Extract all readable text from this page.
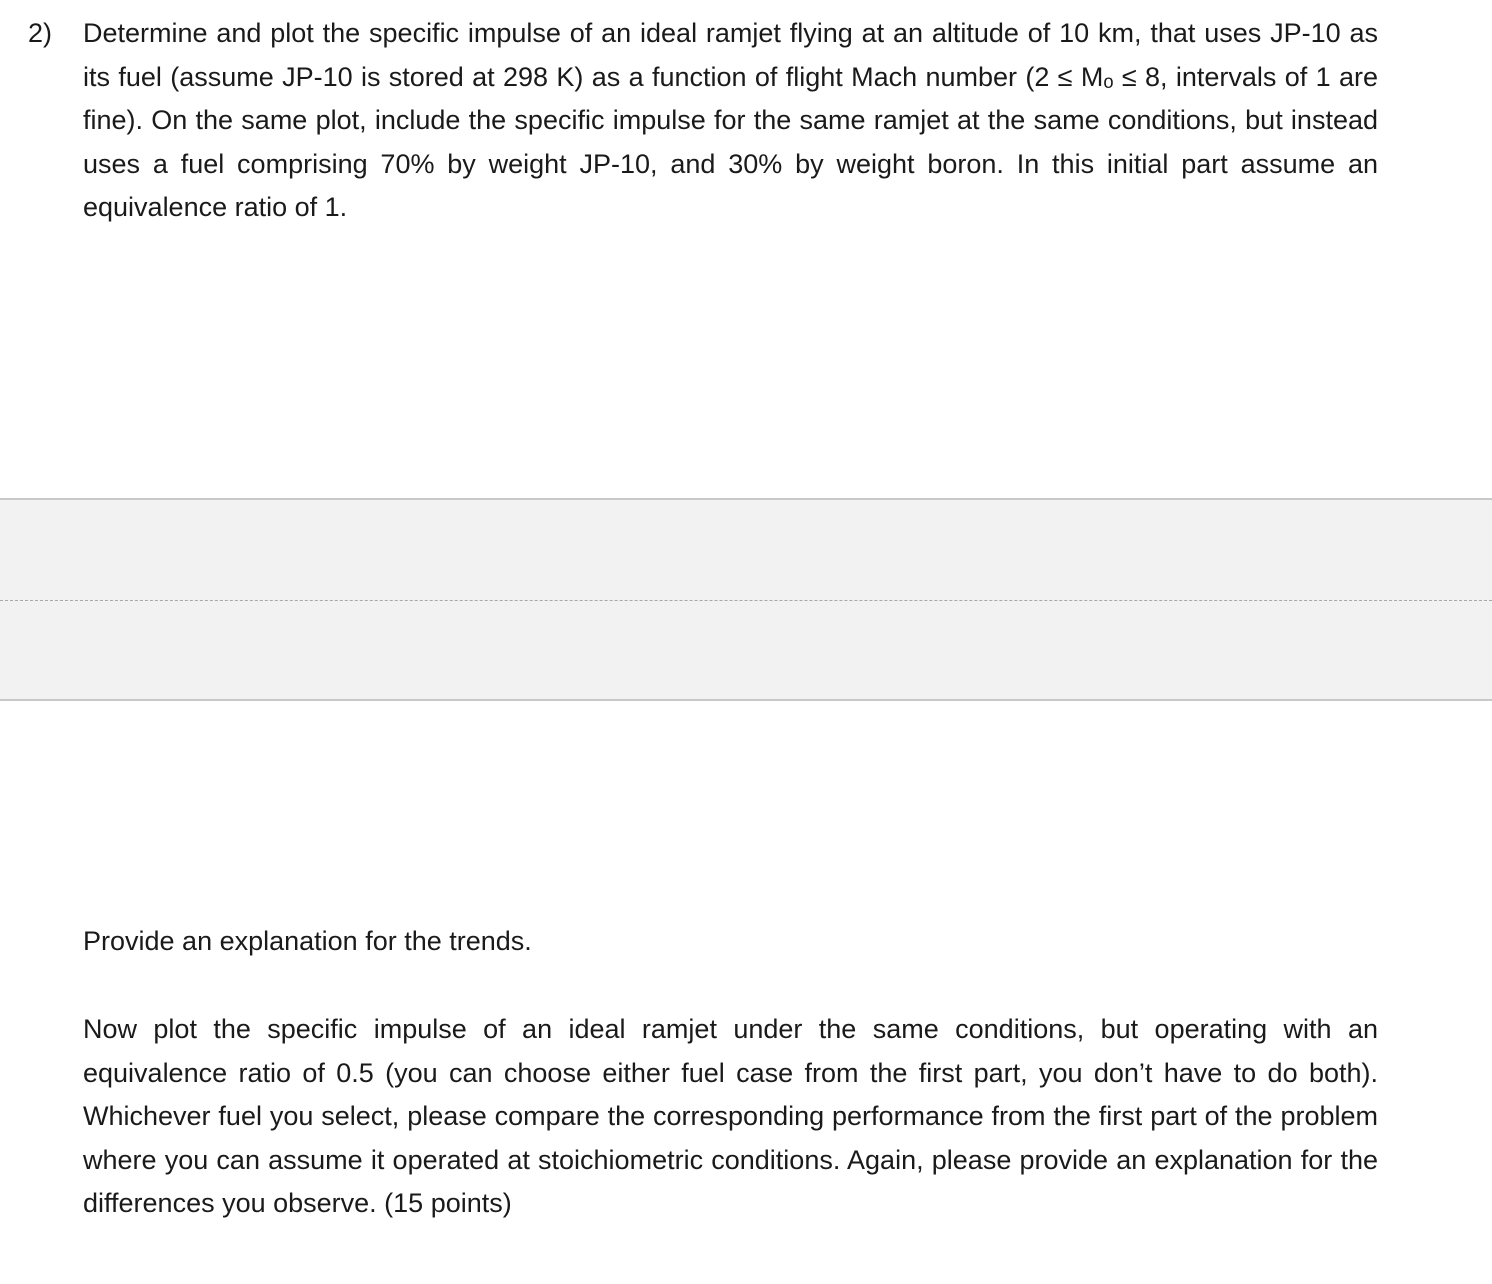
2) Determine and plot the specific impulse of an ideal ramjet flying at an altitude of 10 km, that uses JP-10 as its fuel (assume JP-10 is stored at 298 K) as a function of flight Mach number (2 ≤ Mₒ ≤ 8, intervals of 1 are fine). On the same plot, include the specific impulse for the same ramjet at the same conditions, but instead uses a fuel comprising 70% by weight JP-10, and 30% by weight boron. In this initial part assume an equivalence ratio of 1.

Provide an explanation for the trends.

Now plot the specific impulse of an ideal ramjet under the same conditions, but operating with an equivalence ratio of 0.5 (you can choose either fuel case from the first part, you don’t have to do both). Whichever fuel you select, please compare the corresponding performance from the first part of the problem where you can assume it operated at stoichiometric conditions. Again, please provide an explanation for the differences you observe. (15 points)
